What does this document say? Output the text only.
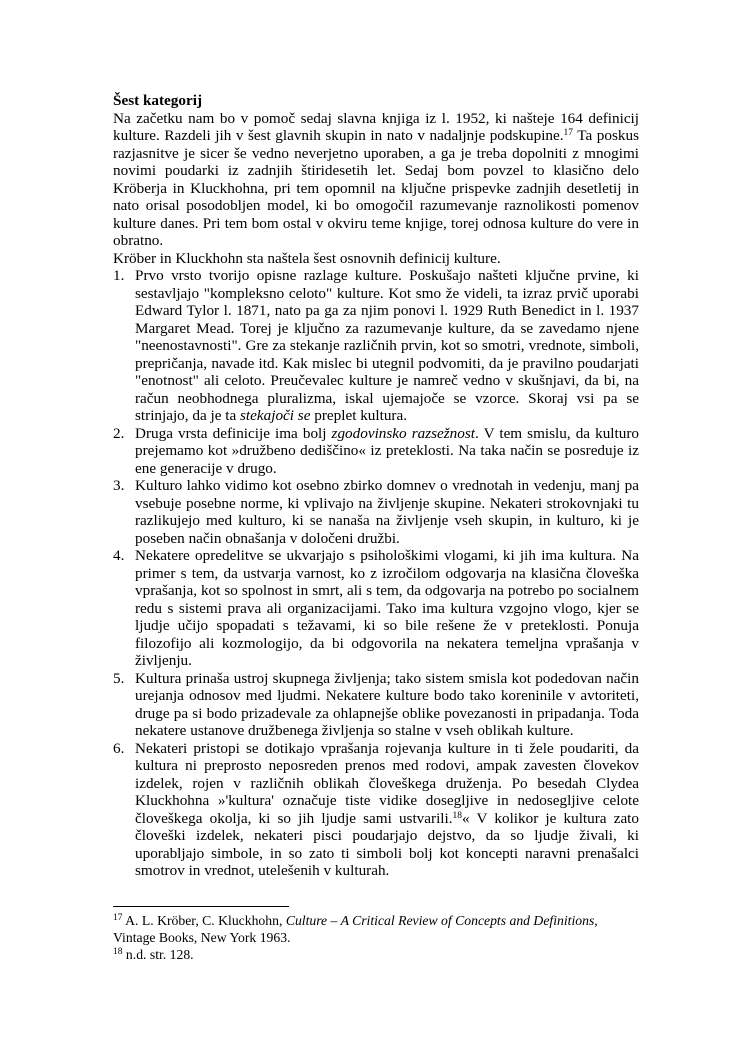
Šest kategorij

Na začetku nam bo v pomoč sedaj slavna knjiga iz l. 1952, ki našteje 164 definicij kulture. Razdeli jih v šest glavnih skupin in nato v nadaljnje podskupine.$^{17}$ Ta poskus razjasnitve je sicer še vedno neverjetno uporaben, a ga je treba dopolniti z mnogimi novimi poudarki iz zadnjih štiridesetih let. Sedaj bom povzel to klasično delo Kröberja in Kluckhohna, pri tem opomnil na ključne prispevke zadnjih desetletij in nato orisal posodobljen model, ki bo omogočil razumevanje raznolikosti pomenov kulture danes. Pri tem bom ostal v okviru teme knjige, torej odnosa kulture do vere in obratno.

Kröber in Kluckhohn sta naštela šest osnovnih definicij kulture.

Prvo vrsto tvorijo opisne razlage kulture. Poskušajo našteti ključne prvine, ki sestavljajo "kompleksno celoto" kulture. Kot smo že videli, ta izraz prvič uporabi Edward Tylor l. 1871, nato pa ga za njim ponovi l. 1929 Ruth Benedict in l. 1937 Margaret Mead. Torej je ključno za razumevanje kulture, da se zavedamo njene "neenostavnosti". Gre za stekanje različnih prvin, kot so smotri, vrednote, simboli, prepričanja, navade itd. Kak mislec bi utegnil podvomiti, da je pravilno poudarjati "enotnost" ali celoto. Preučevalec kulture je namreč vedno v skušnjavi, da bi, na račun neobhodnega pluralizma, iskal ujemajoče se vzorce. Skoraj vsi pa se strinjajo, da je ta stekajoči se preplet kultura.
Druga vrsta definicije ima bolj zgodovinsko razsežnost. V tem smislu, da kulturo prejemamo kot »družbeno dediščino« iz preteklosti. Na taka način se posreduje iz ene generacije v drugo.
Kulturo lahko vidimo kot osebno zbirko domnev o vrednotah in vedenju, manj pa vsebuje posebne norme, ki vplivajo na življenje skupine. Nekateri strokovnjaki tu razlikujejo med kulturo, ki se nanaša na življenje vseh skupin, in kulturo, ki je poseben način obnašanja v določeni družbi.
Nekatere opredelitve se ukvarjajo s psihološkimi vlogami, ki jih ima kultura. Na primer s tem, da ustvarja varnost, ko z izročilom odgovarja na klasična človeška vprašanja, kot so spolnost in smrt, ali s tem, da odgovarja na potrebo po socialnem redu s sistemi prava ali organizacijami. Tako ima kultura vzgojno vlogo, kjer se ljudje učijo spopadati s težavami, ki so bile rešene že v preteklosti. Ponuja filozofijo ali kozmologijo, da bi odgovorila na nekatera temeljna vprašanja v življenju.
Kultura prinaša ustroj skupnega življenja; tako sistem smisla kot podedovan način urejanja odnosov med ljudmi. Nekatere kulture bodo tako koreninile v avtoriteti, druge pa si bodo prizadevale za ohlapnejše oblike povezanosti in pripadanja. Toda nekatere ustanove družbenega življenja so stalne v vseh oblikah kulture.
Nekateri pristopi se dotikajo vprašanja rojevanja kulture in ti žele poudariti, da kultura ni preprosto neposreden prenos med rodovi, ampak zavesten človekov izdelek, rojen v različnih oblikah človeškega druženja. Po besedah Clydea Kluckhohna »'kultura' označuje tiste vidike dosegljive in nedosegljive celote človeškega okolja, ki so jih ljudje sami ustvarili.$^{18}$« V kolikor je kultura zato človeški izdelek, nekateri pisci poudarjajo dejstvo, da so ljudje živali, ki uporabljajo simbole, in so zato ti simboli bolj kot koncepti naravni prenašalci smotrov in vrednot, utelešenih v kulturah.

$^{17}$ A. L. Kröber, C. Kluckhohn, Culture – A Critical Review of Concepts and Definitions, Vintage Books, New York 1963.

$^{18}$ n.d. str. 128.
